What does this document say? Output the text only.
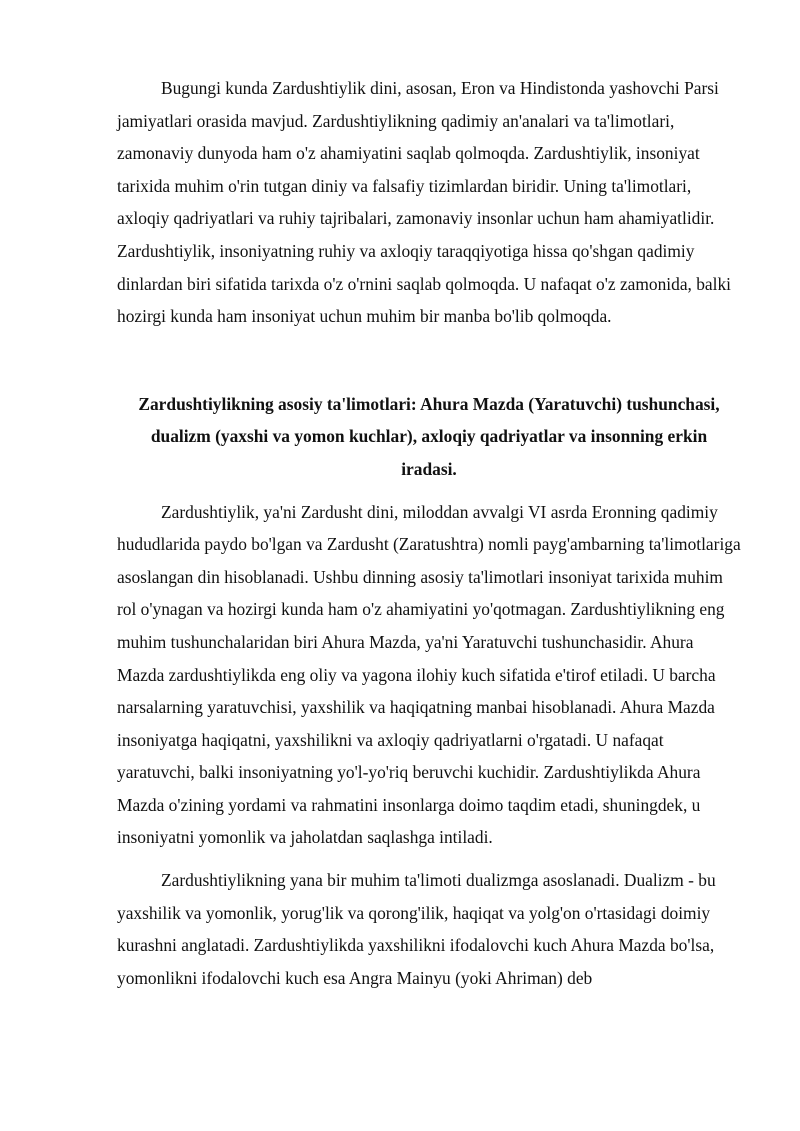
Bugungi kunda Zardushtiylik dini, asosan, Eron va Hindistonda yashovchi Parsi jamiyatlari orasida mavjud. Zardushtiylikning qadimiy an'analari va ta'limotlari, zamonaviy dunyoda ham o'z ahamiyatini saqlab qolmoqda. Zardushtiylik, insoniyat tarixida muhim o'rin tutgan diniy va falsafiy tizimlardan biridir. Uning ta'limotlari, axloqiy qadriyatlari va ruhiy tajribalari, zamonaviy insonlar uchun ham ahamiyatlidir. Zardushtiylik, insoniyatning ruhiy va axloqiy taraqqiyotiga hissa qo'shgan qadimiy dinlardan biri sifatida tarixda o'z o'rnini saqlab qolmoqda. U nafaqat o'z zamonida, balki hozirgi kunda ham insoniyat uchun muhim bir manba bo'lib qolmoqda.

Zardushtiylikning asosiy ta'limotlari: Ahura Mazda (Yaratuvchi) tushunchasi, dualizm (yaxshi va yomon kuchlar), axloqiy qadriyatlar va insonning erkin iradasi.

Zardushtiylik, ya'ni Zardusht dini, miloddan avvalgi VI asrda Eronning qadimiy hududlarida paydo bo'lgan va Zardusht (Zaratushtra) nomli payg'ambarning ta'limotlariga asoslangan din hisoblanadi. Ushbu dinning asosiy ta'limotlari insoniyat tarixida muhim rol o'ynagan va hozirgi kunda ham o'z ahamiyatini yo'qotmagan. Zardushtiylikning eng muhim tushunchalaridan biri Ahura Mazda, ya'ni Yaratuvchi tushunchasidir. Ahura Mazda zardushtiylikda eng oliy va yagona ilohiy kuch sifatida e'tirof etiladi. U barcha narsalarning yaratuvchisi, yaxshilik va haqiqatning manbai hisoblanadi. Ahura Mazda insoniyatga haqiqatni, yaxshilikni va axloqiy qadriyatlarni o'rgatadi. U nafaqat yaratuvchi, balki insoniyatning yo'l-yo'riq beruvchi kuchidir. Zardushtiylikda Ahura Mazda o'zining yordami va rahmatini insonlarga doimo taqdim etadi, shuningdek, u insoniyatni yomonlik va jaholatdan saqlashga intiladi.

Zardushtiylikning yana bir muhim ta'limoti dualizmga asoslanadi. Dualizm - bu yaxshilik va yomonlik, yorug'lik va qorong'ilik, haqiqat va yolg'on o'rtasidagi doimiy kurashni anglatadi. Zardushtiylikda yaxshilikni ifodalovchi kuch Ahura Mazda bo'lsa, yomonlikni ifodalovchi kuch esa Angra Mainyu (yoki Ahriman) deb
